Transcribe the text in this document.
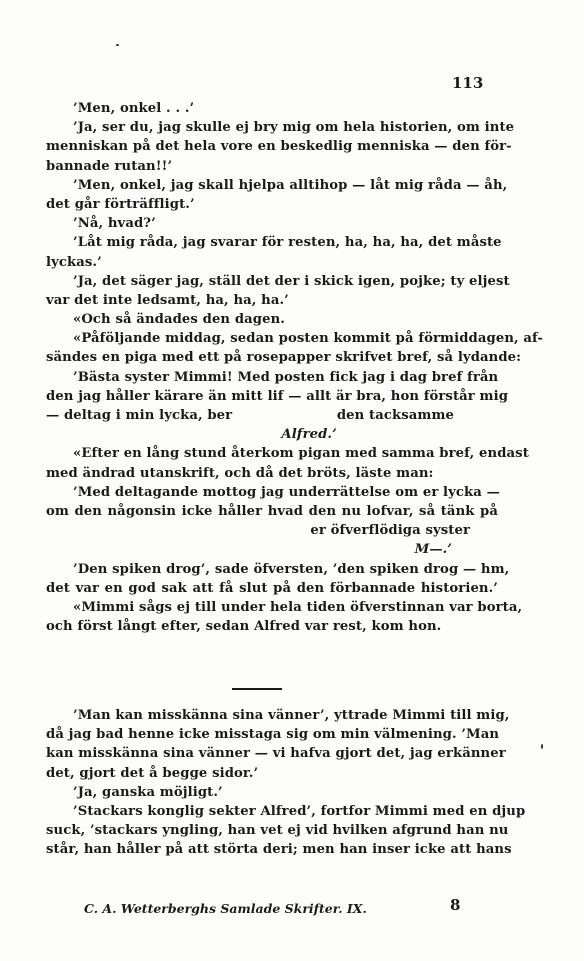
113
’Men, onkel . . .’
’Ja, ser du, jag skulle ej bry mig om hela historien, om inte
menniskan på det hela vore en beskedlig menniska — den för-
bannade rutan!!’
’Men, onkel, jag skall hjelpa alltihop — låt mig råda — åh,
det går förträffligt.’
’Nå, hvad?’
’Låt mig råda, jag svarar för resten, ha, ha, ha, det måste
lyckas.’
’Ja, det säger jag, ställ det der i skick igen, pojke; ty eljest
var det inte ledsamt, ha, ha, ha.’
«Och så ändades den dagen.
«Påföljande middag, sedan posten kommit på förmiddagen, af-
sändes en piga med ett på rosepapper skrifvet bref, så lydande:
’Bästa syster Mimmi! Med posten fick jag i dag bref från
den jag håller kärare än mitt lif — allt är bra, hon förstår mig
— deltag i min lycka, ber	den tacksamme
Alfred.’
«Efter en lång stund återkom pigan med samma bref, endast
med ändrad utanskrift, och då det bröts, läste man:
’Med deltagande mottog jag underrättelse om er lycka —
om den någonsin icke håller hvad den nu lofvar, så tänk på
er öfverflödiga syster
M—.’
’Den spiken drog’, sade öfversten, ’den spiken drog — hm,
det var en god sak att få slut på den förbannade historien.’
«Mimmi sågs ej till under hela tiden öfverstinnan var borta,
och först långt efter, sedan Alfred var rest, kom hon.
’Man kan misskänna sina vänner’, yttrade Mimmi till mig,
då jag bad henne icke misstaga sig om min välmening. ’Man
kan misskänna sina vänner — vi hafva gjort det, jag erkänner
det, gjort det å begge sidor.’
’Ja, ganska möjligt.’
’Stackars konglig sekter Alfred’, fortfor Mimmi med en djup
suck, ’stackars yngling, han vet ej vid hvilken afgrund han nu
står, han håller på att störta deri; men han inser icke att hans
C. A. Wetterberghs Samlade Skrifter. IX.	8
